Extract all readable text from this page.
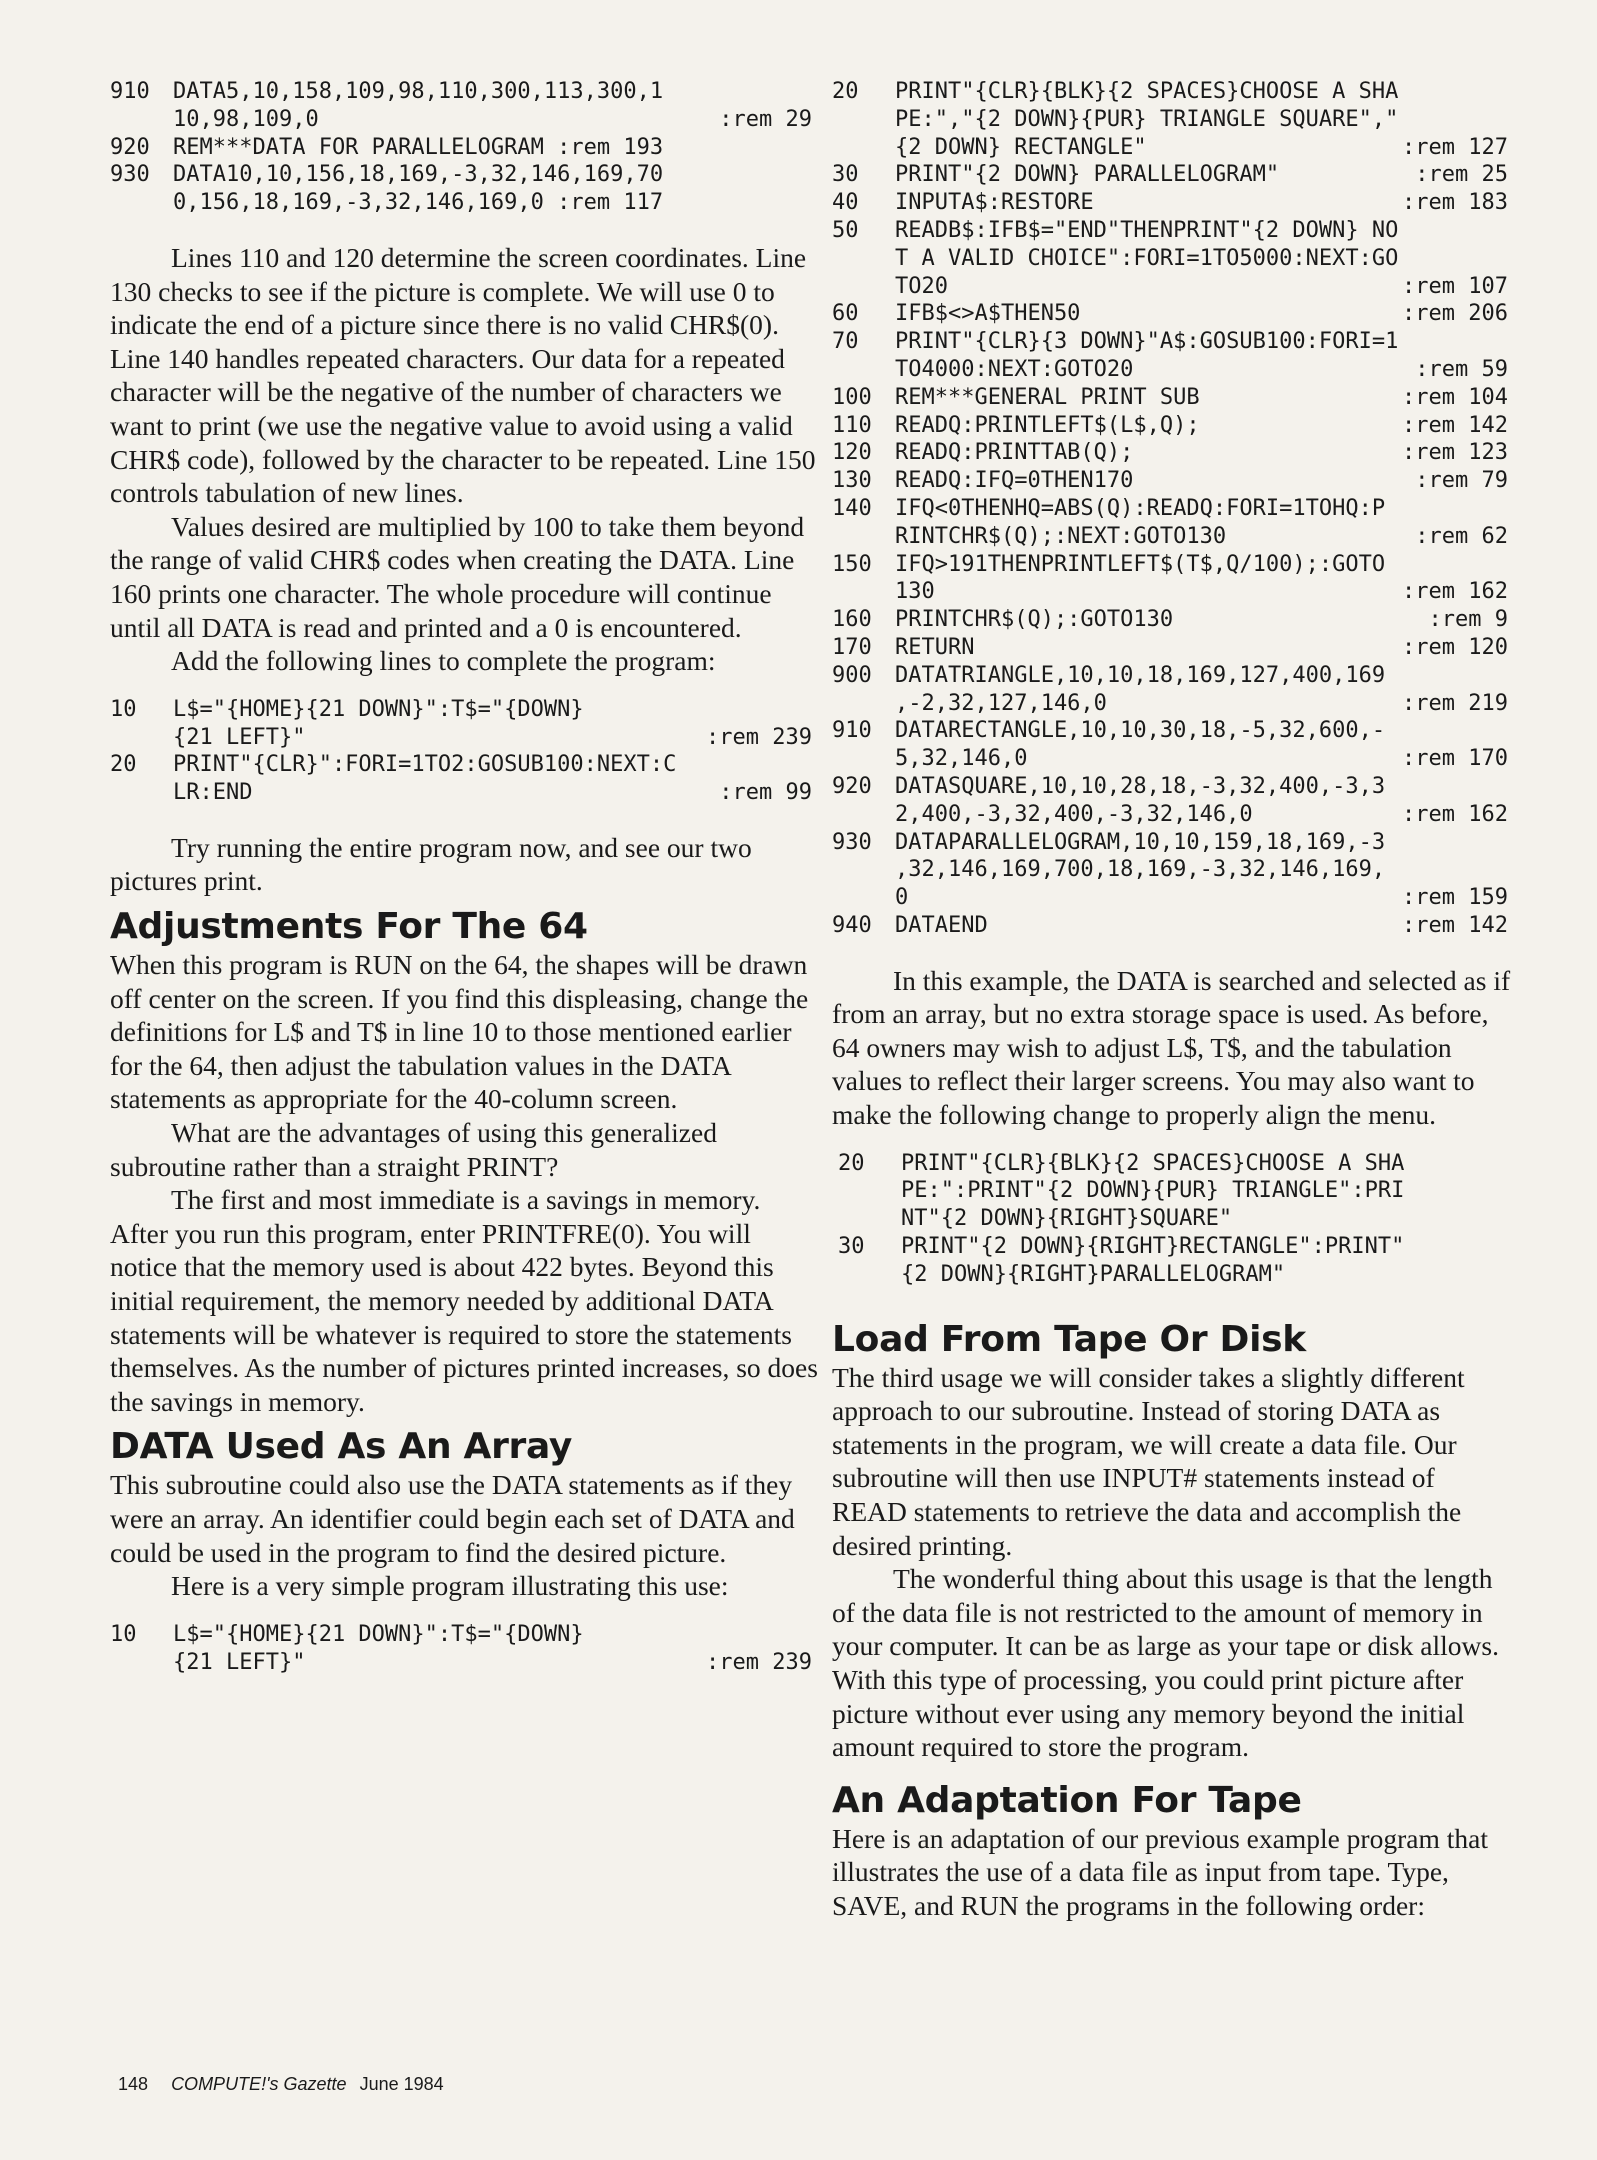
910	DATA5,10,158,109,98,110,300,113,300,1
10,98,109,0	:rem 29
920	REM***DATA FOR PARALLELOGRAM :rem 193
930	DATA10,10,156,18,169,-3,32,146,169,70
0,156,18,169,-3,32,146,169,0 :rem 117

Lines 110 and 120 determine the screen coordinates. Line 130 checks to see if the picture is complete. We will use 0 to indicate the end of a picture since there is no valid CHR$(0). Line 140 handles repeated characters. Our data for a repeated character will be the negative of the number of characters we want to print (we use the negative value to avoid using a valid CHR$ code), followed by the character to be repeated. Line 150 controls tabulation of new lines.

Values desired are multiplied by 100 to take them beyond the range of valid CHR$ codes when creating the DATA. Line 160 prints one character. The whole procedure will continue until all DATA is read and printed and a 0 is encountered.

Add the following lines to complete the program:

10	L$="{HOME}{21 DOWN}":T$="{DOWN}
{21 LEFT}"	:rem 239
20	PRINT"{CLR}":FORI=1TO2:GOSUB100:NEXT:C
LR:END	:rem 99

Try running the entire program now, and see our two pictures print.

Adjustments For The 64

When this program is RUN on the 64, the shapes will be drawn off center on the screen. If you find this displeasing, change the definitions for L$ and T$ in line 10 to those mentioned earlier for the 64, then adjust the tabulation values in the DATA statements as appropriate for the 40-column screen.

What are the advantages of using this generalized subroutine rather than a straight PRINT?

The first and most immediate is a savings in memory. After you run this program, enter PRINTFRE(0). You will notice that the memory used is about 422 bytes. Beyond this initial requirement, the memory needed by additional DATA statements will be whatever is required to store the statements themselves. As the number of pictures printed increases, so does the savings in memory.

DATA Used As An Array

This subroutine could also use the DATA statements as if they were an array. An identifier could begin each set of DATA and could be used in the program to find the desired picture.

Here is a very simple program illustrating this use:

10	L$="{HOME}{21 DOWN}":T$="{DOWN}
{21 LEFT}"	:rem 239
20	PRINT"{CLR}{BLK}{2 SPACES}CHOOSE A SHA
PE:","{2 DOWN}{PUR} TRIANGLE SQUARE","
{2 DOWN} RECTANGLE"	:rem 127
30	PRINT"{2 DOWN} PARALLELOGRAM"	:rem 25
40	INPUTA$:RESTORE	:rem 183
50	READB$:IFB$="END"THENPRINT"{2 DOWN} NO
T A VALID CHOICE":FORI=1TO5000:NEXT:GO
TO20	:rem 107
60	IFB$<>A$THEN50	:rem 206
70	PRINT"{CLR}{3 DOWN}"A$:GOSUB100:FORI=1
TO4000:NEXT:GOTO20	:rem 59
100	REM***GENERAL PRINT SUB	:rem 104
110	READQ:PRINTLEFT$(L$,Q);	:rem 142
120	READQ:PRINTTAB(Q);	:rem 123
130	READQ:IFQ=0THEN170	:rem 79
140	IFQ<0THENHQ=ABS(Q):READQ:FORI=1TOHQ:P
RINTCHR$(Q);:NEXT:GOTO130	:rem 62
150	IFQ>191THENPRINTLEFT$(T$,Q/100);:GOTO
130	:rem 162
160	PRINTCHR$(Q);:GOTO130	:rem 9
170	RETURN	:rem 120
900	DATATRIANGLE,10,10,18,169,127,400,169
,-2,32,127,146,0	:rem 219
910	DATARECTANGLE,10,10,30,18,-5,32,600,-
5,32,146,0	:rem 170
920	DATASQUARE,10,10,28,18,-3,32,400,-3,3
2,400,-3,32,400,-3,32,146,0	:rem 162
930	DATAPARALLELOGRAM,10,10,159,18,169,-3
,32,146,169,700,18,169,-3,32,146,169,
0	:rem 159
940	DATAEND	:rem 142

In this example, the DATA is searched and selected as if from an array, but no extra storage space is used. As before, 64 owners may wish to adjust L$, T$, and the tabulation values to reflect their larger screens. You may also want to make the following change to properly align the menu.

20	PRINT"{CLR}{BLK}{2 SPACES}CHOOSE A SHA
PE:":PRINT"{2 DOWN}{PUR} TRIANGLE":PRI
NT"{2 DOWN}{RIGHT}SQUARE"
30	PRINT"{2 DOWN}{RIGHT}RECTANGLE":PRINT"
{2 DOWN}{RIGHT}PARALLELOGRAM"
Load From Tape Or Disk

The third usage we will consider takes a slightly different approach to our subroutine. Instead of storing DATA as statements in the program, we will create a data file. Our subroutine will then use INPUT# statements instead of READ statements to retrieve the data and accomplish the desired printing.

The wonderful thing about this usage is that the length of the data file is not restricted to the amount of memory in your computer. It can be as large as your tape or disk allows. With this type of processing, you could print picture after picture without ever using any memory beyond the initial amount required to store the program.

An Adaptation For Tape

Here is an adaptation of our previous example program that illustrates the use of a data file as input from tape. Type, SAVE, and RUN the programs in the following order:

148 COMPUTE!'s Gazette June 1984
